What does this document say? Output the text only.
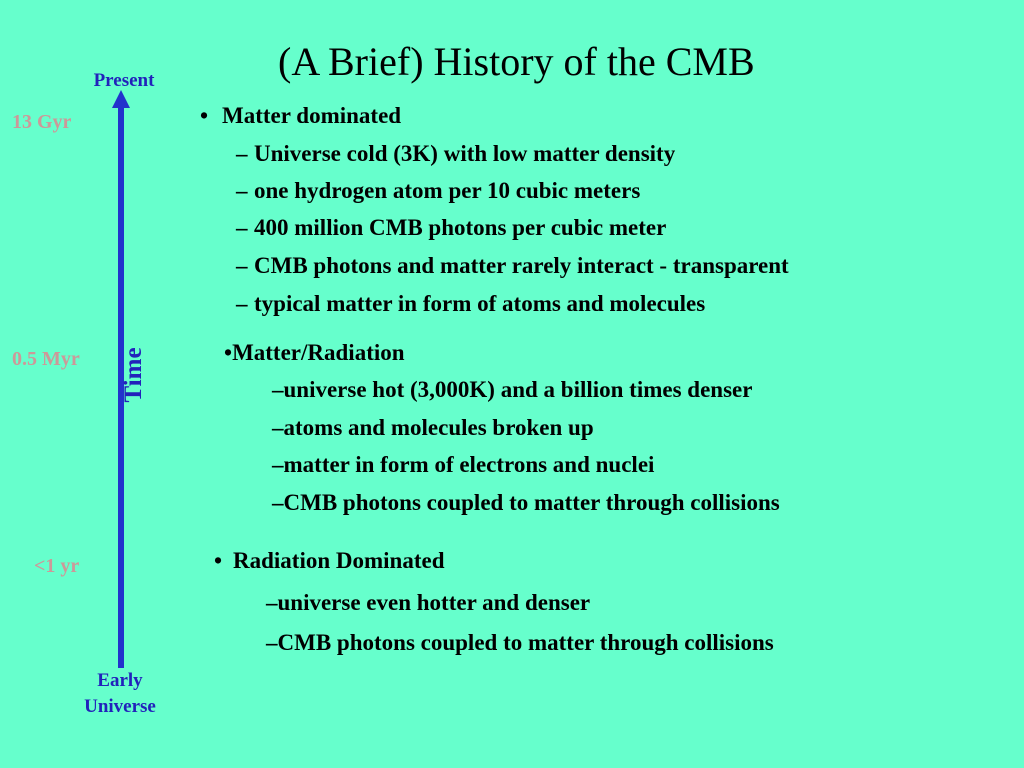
(A Brief) History of the CMB
Present
Early
Universe
Time
13 Gyr
0.5 Myr
<1 yr
• Matter dominated
– Universe cold (3K) with low matter density
– one hydrogen atom per 10 cubic meters
– 400 million CMB photons per cubic meter
– CMB photons and matter rarely interact - transparent
– typical matter in form of atoms and molecules
•Matter/Radiation
–universe hot (3,000K) and a billion times denser
–atoms and molecules broken up
–matter in form of electrons and nuclei
–CMB photons coupled to matter through collisions
• Radiation Dominated
–universe even hotter and denser
–CMB photons coupled to matter through collisions
